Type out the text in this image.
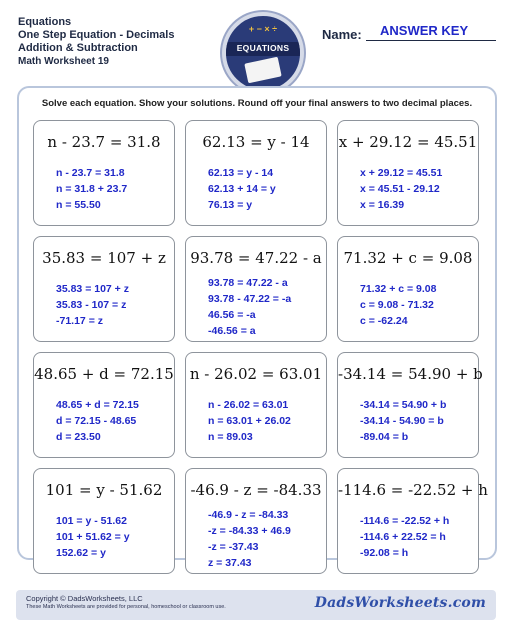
Equations
One Step Equation - Decimals
Addition & Subtraction
Math Worksheet 19
+ − × ÷
EQUATIONS
Name: ANSWER KEY
Solve each equation. Show your solutions. Round off your final answers to two decimal places.
n - 23.7 = 31.8
n - 23.7 = 31.8
n = 31.8 + 23.7
n = 55.50
62.13 = y - 14
62.13 = y - 14
62.13 + 14 = y
76.13 = y
x + 29.12 = 45.51
x + 29.12 = 45.51
x = 45.51 - 29.12
x = 16.39
35.83 = 107 + z
35.83 = 107 + z
35.83 - 107 = z
-71.17 = z
93.78 = 47.22 - a
93.78 = 47.22 - a
93.78 - 47.22 = -a
46.56 = -a
-46.56 = a
71.32 + c = 9.08
71.32 + c = 9.08
c = 9.08 - 71.32
c = -62.24
48.65 + d = 72.15
48.65 + d = 72.15
d = 72.15 - 48.65
d = 23.50
n - 26.02 = 63.01
n - 26.02 = 63.01
n = 63.01 + 26.02
n = 89.03
-34.14 = 54.90 + b
-34.14 = 54.90 + b
-34.14 - 54.90 = b
-89.04 = b
101 = y - 51.62
101 = y - 51.62
101 + 51.62 = y
152.62 = y
-46.9 - z = -84.33
-46.9 - z = -84.33
-z = -84.33 + 46.9
-z = -37.43
z = 37.43
-114.6 = -22.52 + h
-114.6 = -22.52 + h
-114.6 + 22.52 = h
-92.08 = h
Copyright © DadsWorksheets, LLC
These Math Worksheets are provided for personal, homeschool or classroom use.	DadsWorksheets.com
